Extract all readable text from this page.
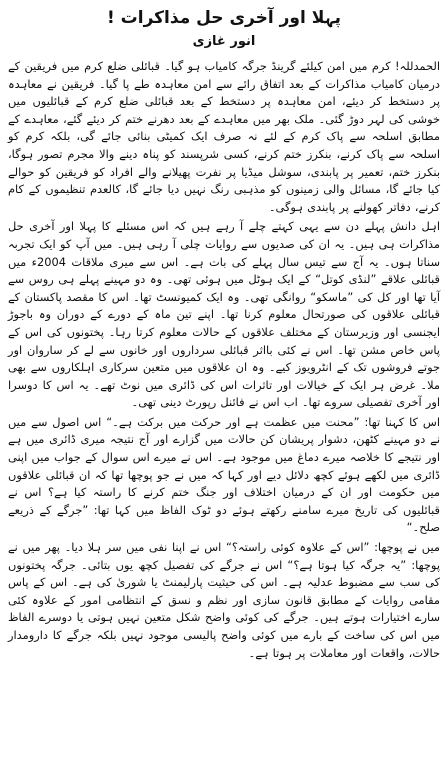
پہلا اور آخری حل مذاکرات !
انور غازی

الحمدللہ! کرم میں امن کیلئے گرینڈ جرگہ کامیاب ہو گیا۔ قبائلی ضلع کرم میں فریقین کے درمیان کامیاب مذاکرات کے بعد اتفاق رائے سے امن معاہدہ طے پا گیا۔ فریقین نے معاہدہ پر دستخط کر دیئے، امن معاہدہ پر دستخط کے بعد قبائلی ضلع کرم کے قبائلیوں میں خوشی کی لہر دوڑ گئی۔ ملک بھر میں معاہدے کے بعد دھرنے ختم کر دیئے گئے، معاہدے کے مطابق اسلحہ سے پاک کرم کے لئے نہ صرف ایک کمیٹی بنائی جائے گی، بلکہ کرم کو اسلحہ سے پاک کرنے، بنکرز ختم کرنے، کسی شرپسند کو پناہ دینے والا مجرم تصور ہوگا، بنکرز ختم، تعمیر پر پابندی، سوشل میڈیا پر نفرت پھیلانے والے افراد کو فریقین کو حوالے کیا جائے گا، مسائل والی زمینوں کو مذہبی رنگ نہیں دیا جائے گا، کالعدم تنظیموں کے کام کرنے، دفاتر کھولنے پر پابندی ہوگی۔

اہل دانش پہلے دن سے یہی کہتے چلے آ رہے ہیں کہ اس مسئلے کا پہلا اور آخری حل مذاکرات ہی ہیں۔ یہ ان کی صدیوں سے روایات چلی آ رہی ہیں۔ میں آپ کو ایک تجربہ سناتا ہوں۔ یہ آج سے تیس سال پہلے کی بات ہے۔ اس سے میری ملاقات 2004ء میں قبائلی علاقے ”لنڈی کوتل“ کے ایک ہوٹل میں ہوئی تھی۔ وہ دو مہینے پہلے ہی روس سے آیا تھا اور کل کی ”ماسکو“ روانگی تھی۔ وہ ایک کمیونسٹ تھا۔ اس کا مقصد پاکستان کے قبائلی علاقوں کی صورتحال معلوم کرنا تھا۔ اپنے تین ماہ کے دورے کے دوران وہ باجوڑ ایجنسی اور وزیرستان کے مختلف علاقوں کے حالات معلوم کرتا رہا۔ پختونوں کی اس کے پاس خاص مشن تھا۔ اس نے کئی بااثر قبائلی سرداروں اور خانوں سے لے کر ساروان اور جوتے فروشوں تک کے انٹرویوز کیے۔ وہ ان علاقوں میں متعین سرکاری اہلکاروں سے بھی ملا۔ غرض ہر ایک کے خیالات اور تاثرات اس کی ڈائری میں نوٹ تھے۔ یہ اس کا دوسرا اور آخری تفصیلی سروے تھا۔ اب اس نے فائنل رپورٹ دینی تھی۔

اس کا کہنا تھا: ”محنت میں عظمت ہے اور حرکت میں برکت ہے۔“ اس اصول سے میں نے دو مہینے کٹھن، دشوار پریشان کن حالات میں گزارے اور آج نتیجہ میری ڈائری میں ہے اور نتیجے کا خلاصہ میرے دماغ میں موجود ہے۔ اس نے میرے اس سوال کے جواب میں اپنی ڈائری میں لکھے ہوئے کچھ دلائل دیے اور کہا کہ میں نے جو پوچھا تھا کہ ان قبائلی علاقوں میں حکومت اور ان کے درمیان اختلاف اور جنگ ختم کرنے کا راستہ کیا ہے؟ اس نے قبائلیوں کی تاریخ میرے سامنے رکھتے ہوئے دو ٹوک الفاظ میں کہا تھا: ”جرگے کے ذریعے صلح۔“

میں نے پوچھا: ”اس کے علاوہ کوئی راستہ؟“ اس نے اپنا نفی میں سر ہلا دیا۔ پھر میں نے پوچھا: ”یہ جرگہ کیا ہوتا ہے؟“ اس نے جرگے کی تفصیل کچھ یوں بتائی۔ جرگہ پختونوں کی سب سے مضبوط عدلیہ ہے۔ اس کی حیثیت پارلیمنٹ یا شوریٰ کی ہے۔ اس کے پاس مقامی روایات کے مطابق قانون سازی اور نظم و نسق کے انتظامی امور کے علاوہ کئی سارے اختیارات ہوتے ہیں۔ جرگے کی کوئی واضح شکل متعین نہیں ہوتی یا دوسرے الفاظ میں اس کی ساخت کے بارے میں کوئی واضح پالیسی موجود نہیں بلکہ جرگے کا دارومدار حالات، واقعات اور معاملات پر ہوتا ہے۔
